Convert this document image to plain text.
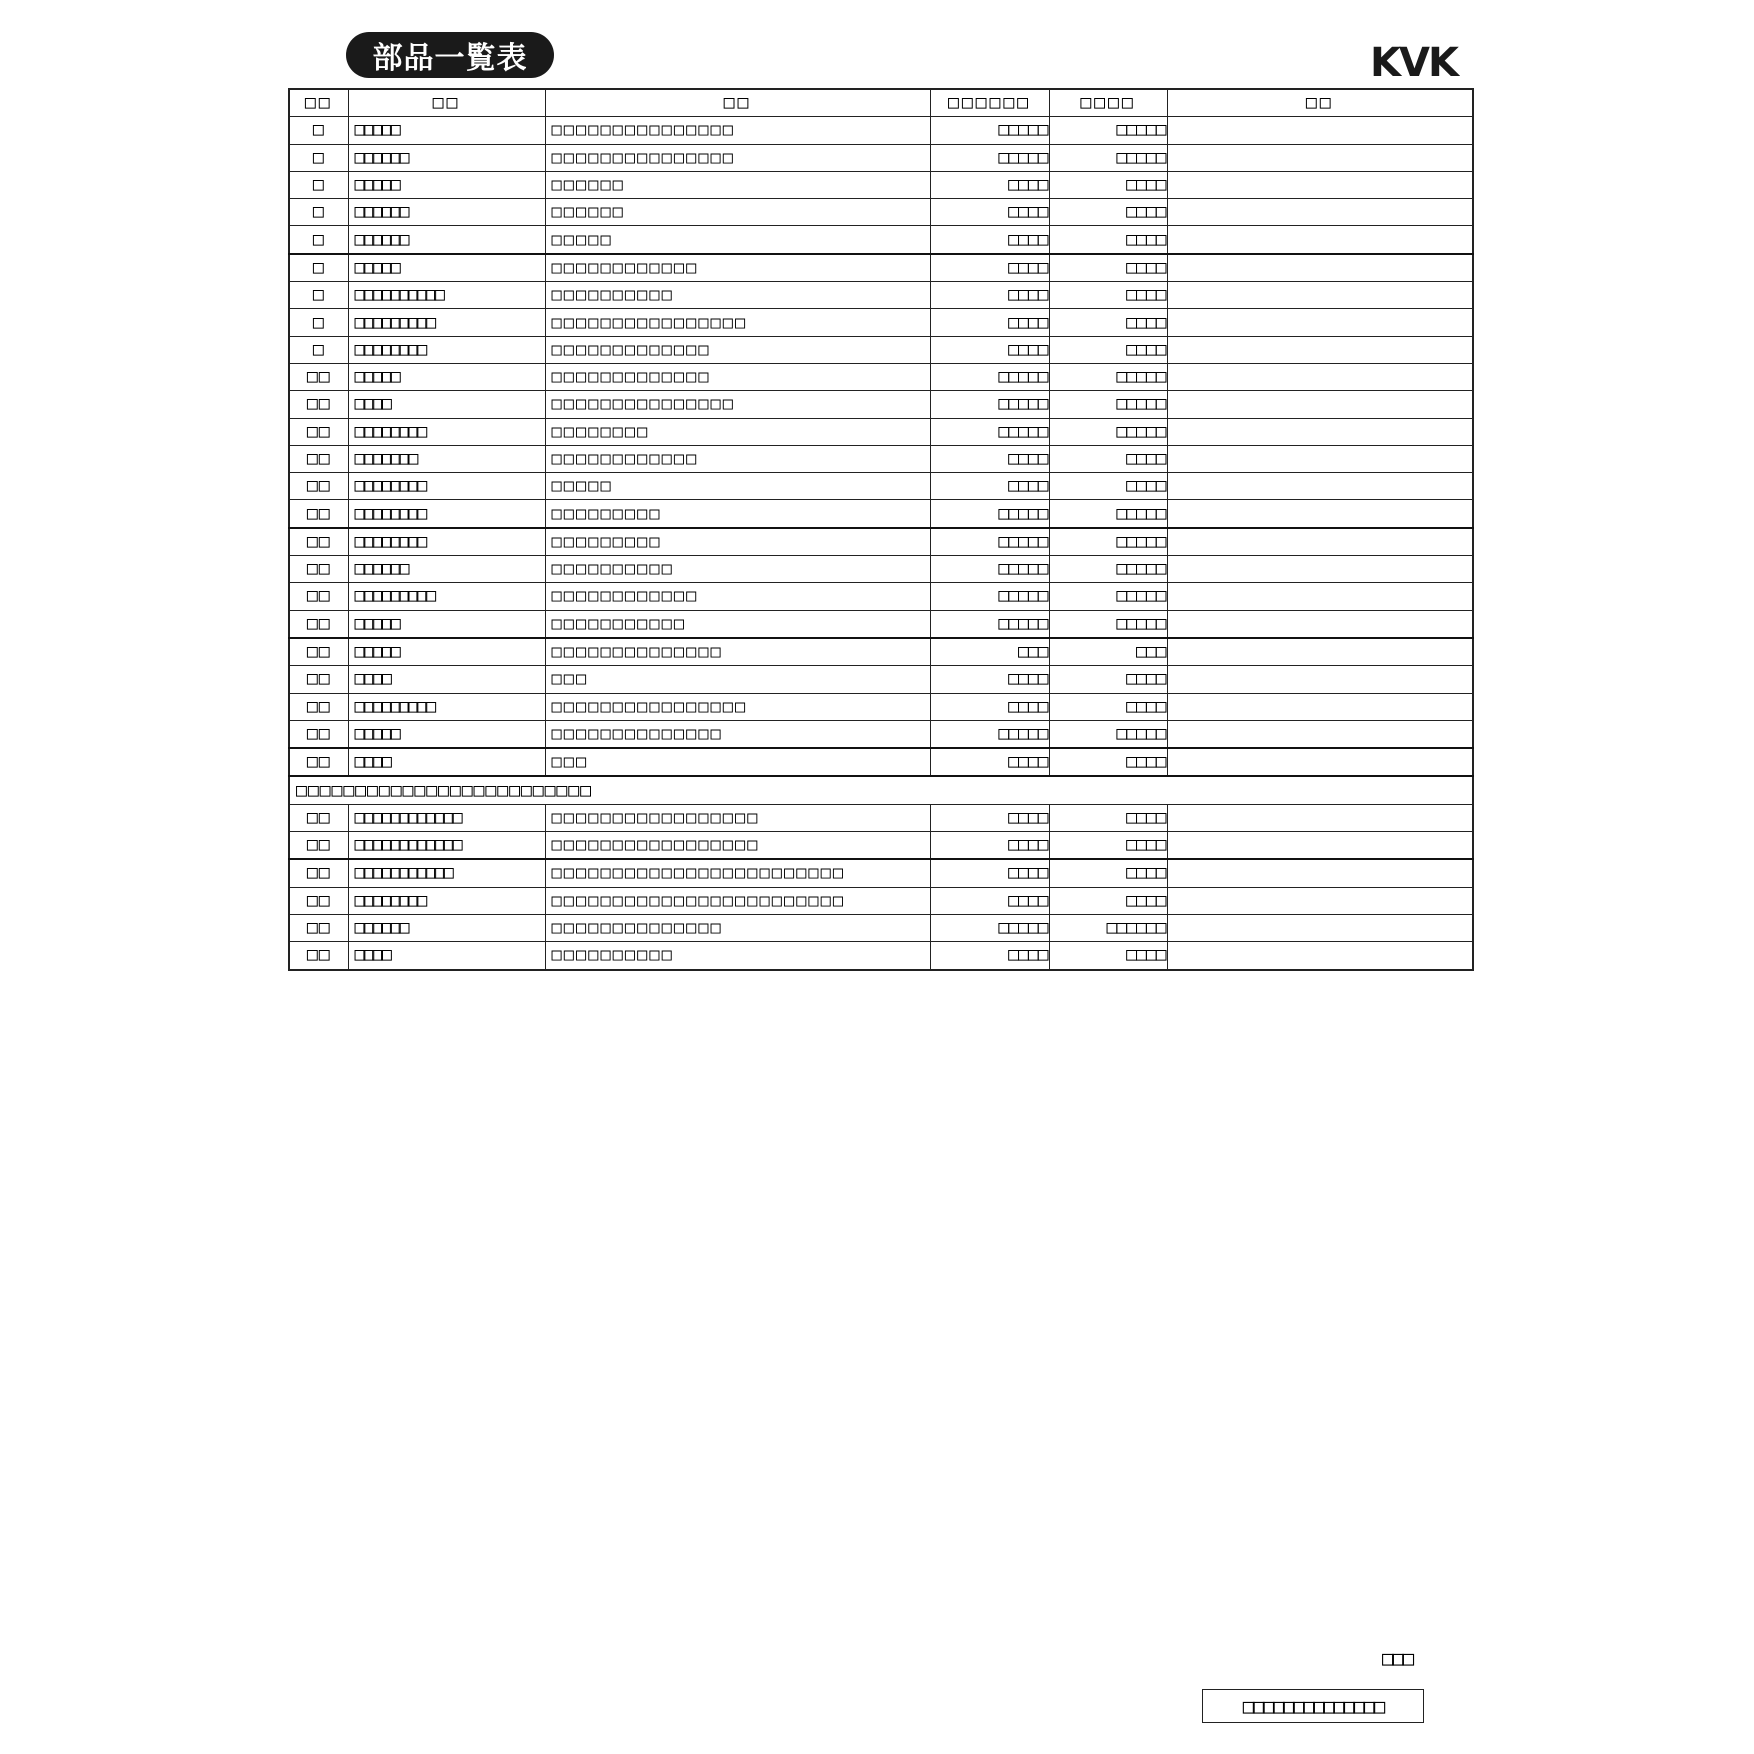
部品一覧表	KVK
□□	□□	□□	□□□□□□	□□□□	□□
□	□□□□□	□□□□□□□□□□□□□□□	□□□□□	□□□□□	
□	□□□□□□	□□□□□□□□□□□□□□□	□□□□□	□□□□□	
□	□□□□□	□□□□□□	□□□□	□□□□	
□	□□□□□□	□□□□□□	□□□□	□□□□	
□	□□□□□□	□□□□□	□□□□	□□□□	
□	□□□□□	□□□□□□□□□□□□	□□□□	□□□□	
□	□□□□□□□□□□	□□□□□□□□□□	□□□□	□□□□	
□	□□□□□□□□□	□□□□□□□□□□□□□□□□	□□□□	□□□□	
□	□□□□□□□□	□□□□□□□□□□□□□	□□□□	□□□□	
□□	□□□□□	□□□□□□□□□□□□□	□□□□□	□□□□□	
□□	□□□□	□□□□□□□□□□□□□□□	□□□□□	□□□□□	
□□	□□□□□□□□	□□□□□□□□	□□□□□	□□□□□	
□□	□□□□□□□	□□□□□□□□□□□□	□□□□	□□□□	
□□	□□□□□□□□	□□□□□	□□□□	□□□□	
□□	□□□□□□□□	□□□□□□□□□	□□□□□	□□□□□	
□□	□□□□□□□□	□□□□□□□□□	□□□□□	□□□□□	
□□	□□□□□□	□□□□□□□□□□	□□□□□	□□□□□	
□□	□□□□□□□□□	□□□□□□□□□□□□	□□□□□	□□□□□	
□□	□□□□□	□□□□□□□□□□□	□□□□□	□□□□□	
□□	□□□□□	□□□□□□□□□□□□□□	□□□	□□□	
□□	□□□□	□□□	□□□□	□□□□	
□□	□□□□□□□□□	□□□□□□□□□□□□□□□□	□□□□	□□□□	
□□	□□□□□	□□□□□□□□□□□□□□	□□□□□	□□□□□	
□□	□□□□	□□□	□□□□	□□□□	
□□□□□□□□□□□□□□□□□□□□□□□□□					
□□	□□□□□□□□□□□□	□□□□□□□□□□□□□□□□□	□□□□	□□□□	
□□	□□□□□□□□□□□□	□□□□□□□□□□□□□□□□□	□□□□	□□□□	
□□	□□□□□□□□□□□	□□□□□□□□□□□□□□□□□□□□□□□□	□□□□	□□□□	
□□	□□□□□□□□	□□□□□□□□□□□□□□□□□□□□□□□□	□□□□	□□□□	
□□	□□□□□□	□□□□□□□□□□□□□□	□□□□□	□□□□□□	
□□	□□□□	□□□□□□□□□□	□□□□	□□□□	
□□□
□□□□□□□□□□□□□□
